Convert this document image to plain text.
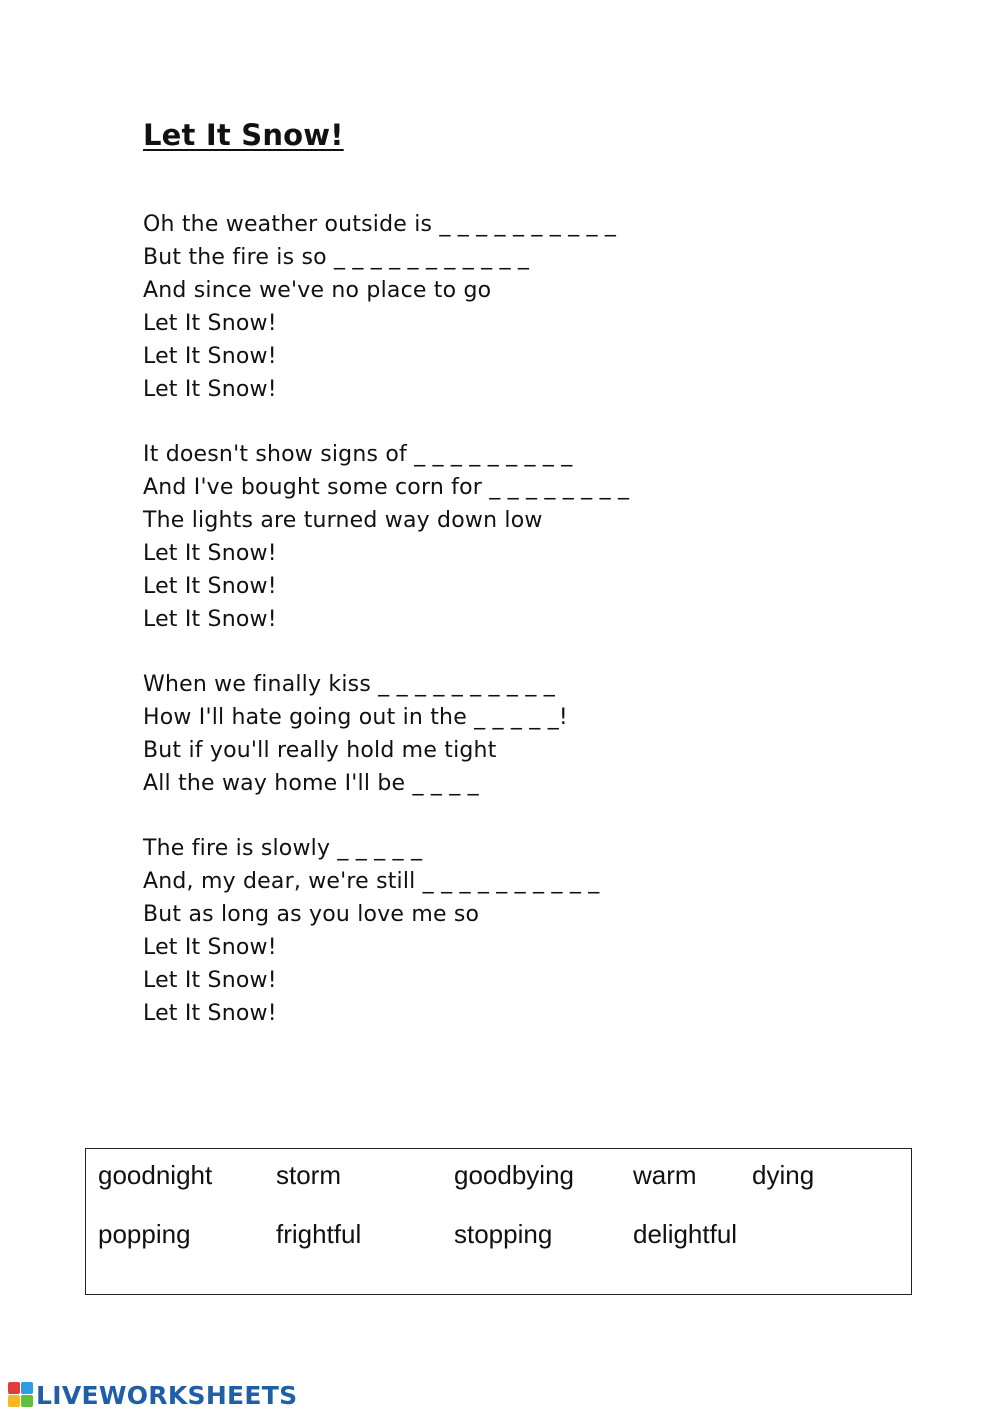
Let It Snow!
Oh the weather outside is _ _ _ _ _ _ _ _ _ _
But the fire is so _ _ _ _ _ _ _ _ _ _ _
And since we've no place to go
Let It Snow!
Let It Snow!
Let It Snow!
It doesn't show signs of _ _ _ _ _ _ _ _ _
And I've bought some corn for _ _ _ _ _ _ _ _
The lights are turned way down low
Let It Snow!
Let It Snow!
Let It Snow!
When we finally kiss _ _ _ _ _ _ _ _ _ _
How I'll hate going out in the _ _ _ _ _!
But if you'll really hold me tight
All the way home I'll be _ _ _ _
The fire is slowly _ _ _ _ _
And, my dear, we're still _ _ _ _ _ _ _ _ _ _
But as long as you love me so
Let It Snow!
Let It Snow!
Let It Snow!
goodnight storm	goodbying warm dying
popping	frightful	stopping	delightful
LIVEWORKSHEETS
